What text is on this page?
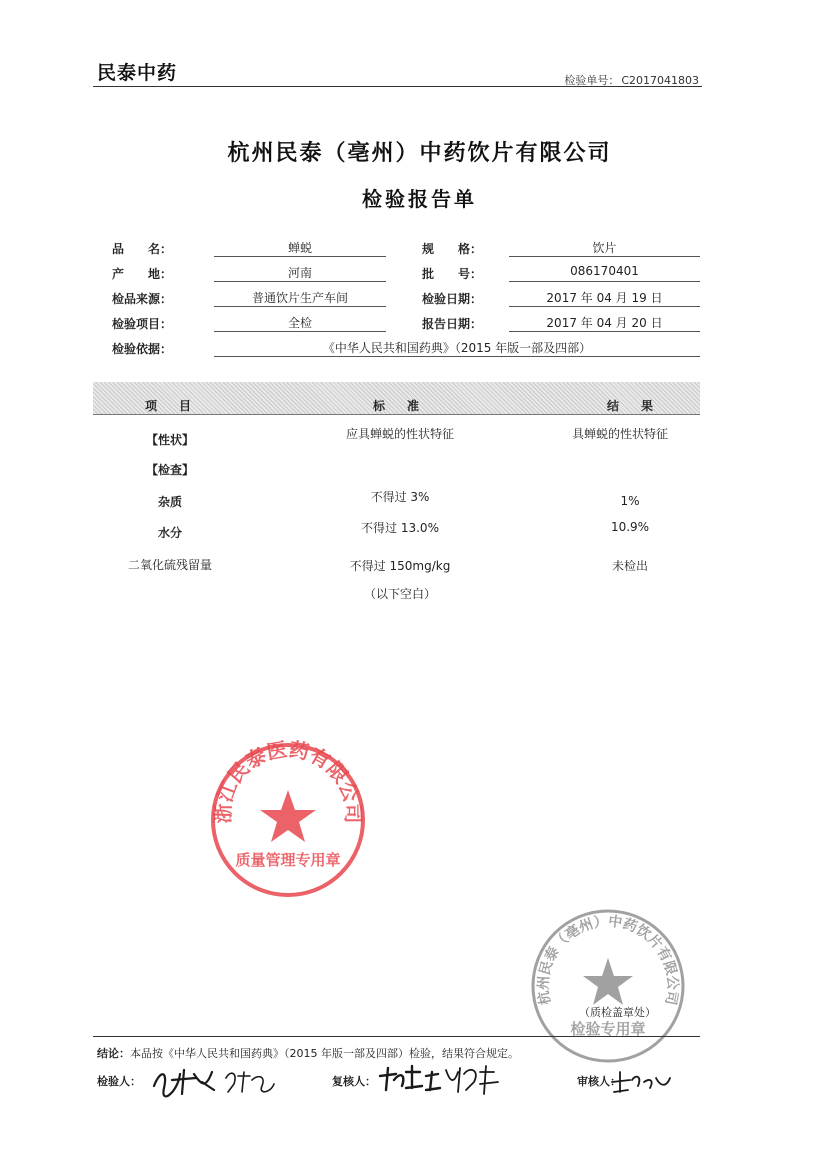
民泰中药	检验单号： C2017041803
杭州民泰（亳州）中药饮片有限公司
检验报告单
品　　名：	蝉蜕	规　　格：	饮片
产　　地：	河南	批　　号：	086170401
检品来源：	普通饮片生产车间	检验日期：	2017 年 04 月 19 日
检验项目：	全检	报告日期：	2017 年 04 月 20 日
检验依据：	《中华人民共和国药典》（2015 年版一部及四部）
项目	标准	结果
【性状】	应具蝉蜕的性状特征	具蝉蜕的性状特征
【检查】
杂质	不得过 3%	1%
水分	不得过 13.0%	10.9%
二氧化硫残留量	不得过 150mg/kg	未检出
（以下空白）
浙江民泰医药有限公司
质量管理专用章
杭州民泰（亳州）中药饮片有限公司
检验专用章
（质检盖章处）
结论：本品按《中华人民共和国药典》（2015 年版一部及四部）检验，结果符合规定。
检验人：	复核人：	审核人：
